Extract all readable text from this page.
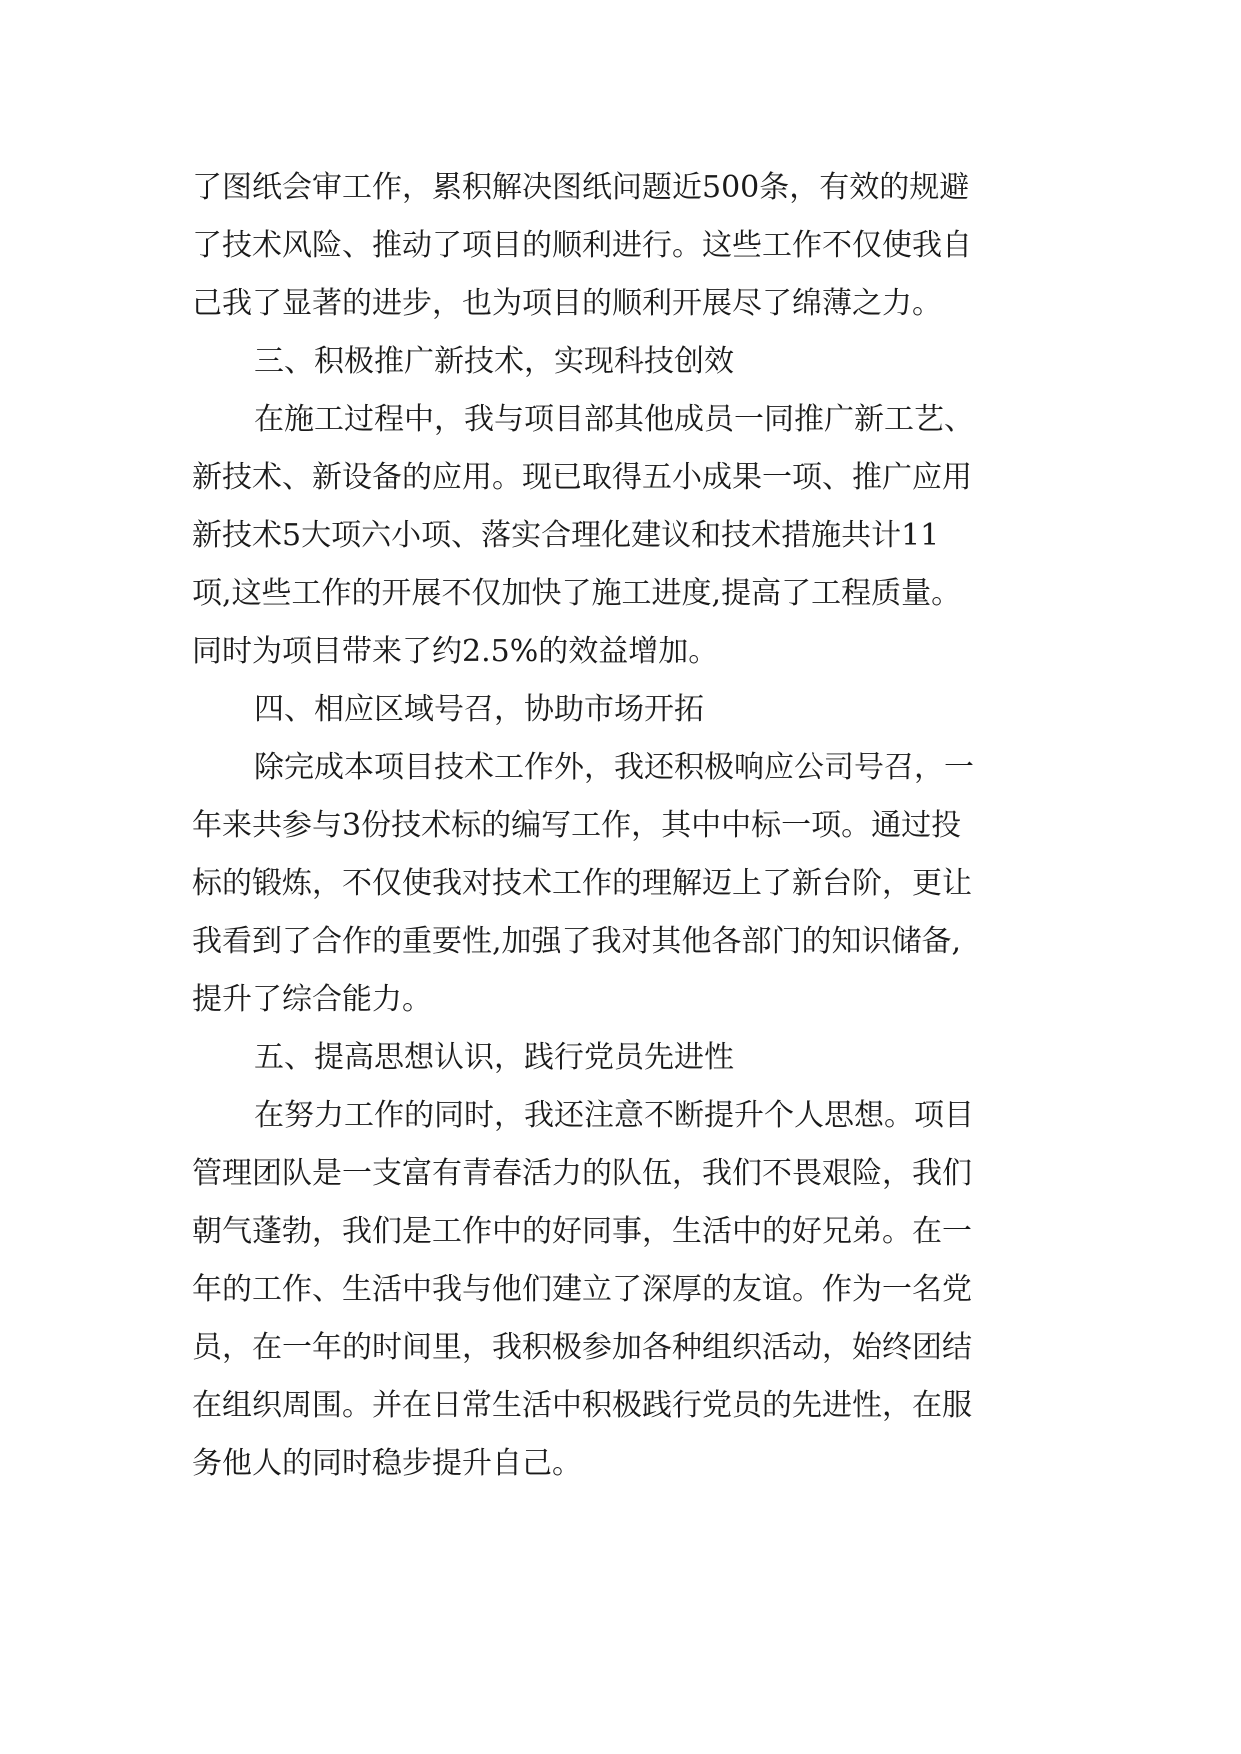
了图纸会审工作，累积解决图纸问题近500条，有效的规避
了技术风险、推动了项目的顺利进行。这些工作不仅使我自
己我了显著的进步，也为项目的顺利开展尽了绵薄之力。
三、积极推广新技术，实现科技创效
在施工过程中，我与项目部其他成员一同推广新工艺、
新技术、新设备的应用。现已取得五小成果一项、推广应用
新技术5大项六小项、落实合理化建议和技术措施共计11
项,这些工作的开展不仅加快了施工进度,提高了工程质量。
同时为项目带来了约2.5%的效益增加。
四、相应区域号召，协助市场开拓
除完成本项目技术工作外，我还积极响应公司号召，一
年来共参与3份技术标的编写工作，其中中标一项。通过投
标的锻炼，不仅使我对技术工作的理解迈上了新台阶，更让
我看到了合作的重要性,加强了我对其他各部门的知识储备,
提升了综合能力。
五、提高思想认识，践行党员先进性
在努力工作的同时，我还注意不断提升个人思想。项目
管理团队是一支富有青春活力的队伍，我们不畏艰险，我们
朝气蓬勃，我们是工作中的好同事，生活中的好兄弟。在一
年的工作、生活中我与他们建立了深厚的友谊。作为一名党
员，在一年的时间里，我积极参加各种组织活动，始终团结
在组织周围。并在日常生活中积极践行党员的先进性，在服
务他人的同时稳步提升自己。
